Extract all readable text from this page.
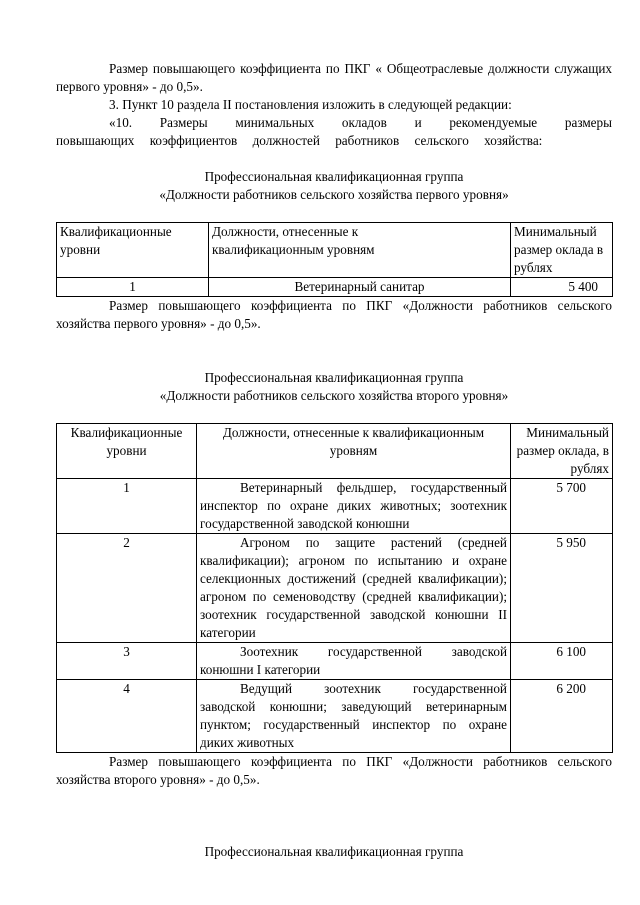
Размер повышающего коэффициента по ПКГ « Общеотраслевые должности служащих первого уровня» - до 0,5».

3. Пункт 10 раздела II постановления изложить в следующей редакции:

«10. Размеры минимальных окладов и рекомендуемые размеры повышающих коэффициентов должностей работников сельского хозяйства:

Профессиональная квалификационная группа

«Должности работников сельского хозяйства первого уровня»

Квалификационные уровни	Должности, отнесенные к квалификационным уровням	Минимальный размер оклада в рублях
1	Ветеринарный санитар	5 400

Размер повышающего коэффициента по ПКГ «Должности работников сельского хозяйства первого уровня» - до 0,5».

Профессиональная квалификационная группа

«Должности работников сельского хозяйства второго уровня»

Квалификационные уровни	Должности, отнесенные к квалификационным уровням	Минимальный размер оклада, в рублях
1	Ветеринарный фельдшер, государственный инспектор по охране диких животных; зоотехник государственной заводской конюшни	5 700
2	Агроном по защите растений (средней квалификации); агроном по испытанию и охране селекционных достижений (средней квалификации); агроном по семеноводству (средней квалификации); зоотехник государственной заводской конюшни II категории	5 950
3	Зоотехник государственной заводской конюшни I категории	6 100
4	Ведущий зоотехник государственной заводской конюшни; заведующий ветеринарным пунктом; государственный инспектор по охране диких животных	6 200

Размер повышающего коэффициента по ПКГ «Должности работников сельского хозяйства второго уровня» - до 0,5».

Профессиональная квалификационная группа
